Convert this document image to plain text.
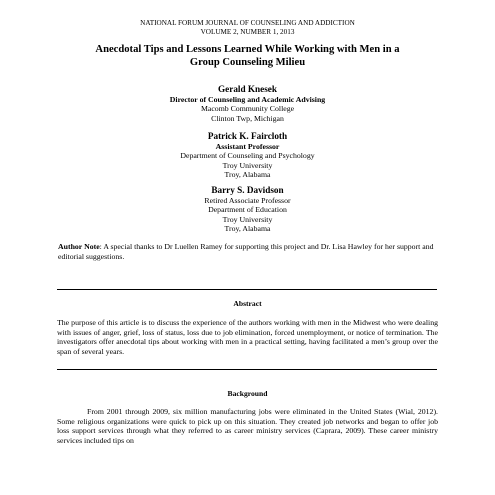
NATIONAL FORUM JOURNAL OF COUNSELING AND ADDICTION
VOLUME 2, NUMBER 1, 2013
Anecdotal Tips and Lessons Learned While Working with Men in a
Group Counseling Milieu
Gerald Knesek
Director of Counseling and Academic Advising
Macomb Community College
Clinton Twp, Michigan
Patrick K. Faircloth
Assistant Professor
Department of Counseling and Psychology
Troy University
Troy, Alabama
Barry S. Davidson
Retired Associate Professor
Department of Education
Troy University
Troy, Alabama
Author Note: A special thanks to Dr Luellen Ramey for supporting this project and Dr. Lisa Hawley for her support and editorial suggestions.
Abstract
The purpose of this article is to discuss the experience of the authors working with men in the Midwest who were dealing with issues of anger, grief, loss of status, loss due to job elimination, forced unemployment, or notice of termination. The investigators offer anecdotal tips about working with men in a practical setting, having facilitated a men’s group over the span of several years.
Background
From 2001 through 2009, six million manufacturing jobs were eliminated in the United States (Wial, 2012). Some religious organizations were quick to pick up on this situation. They created job networks and began to offer job loss support services through what they referred to as career ministry services (Caprara, 2009). These career ministry services included tips on
